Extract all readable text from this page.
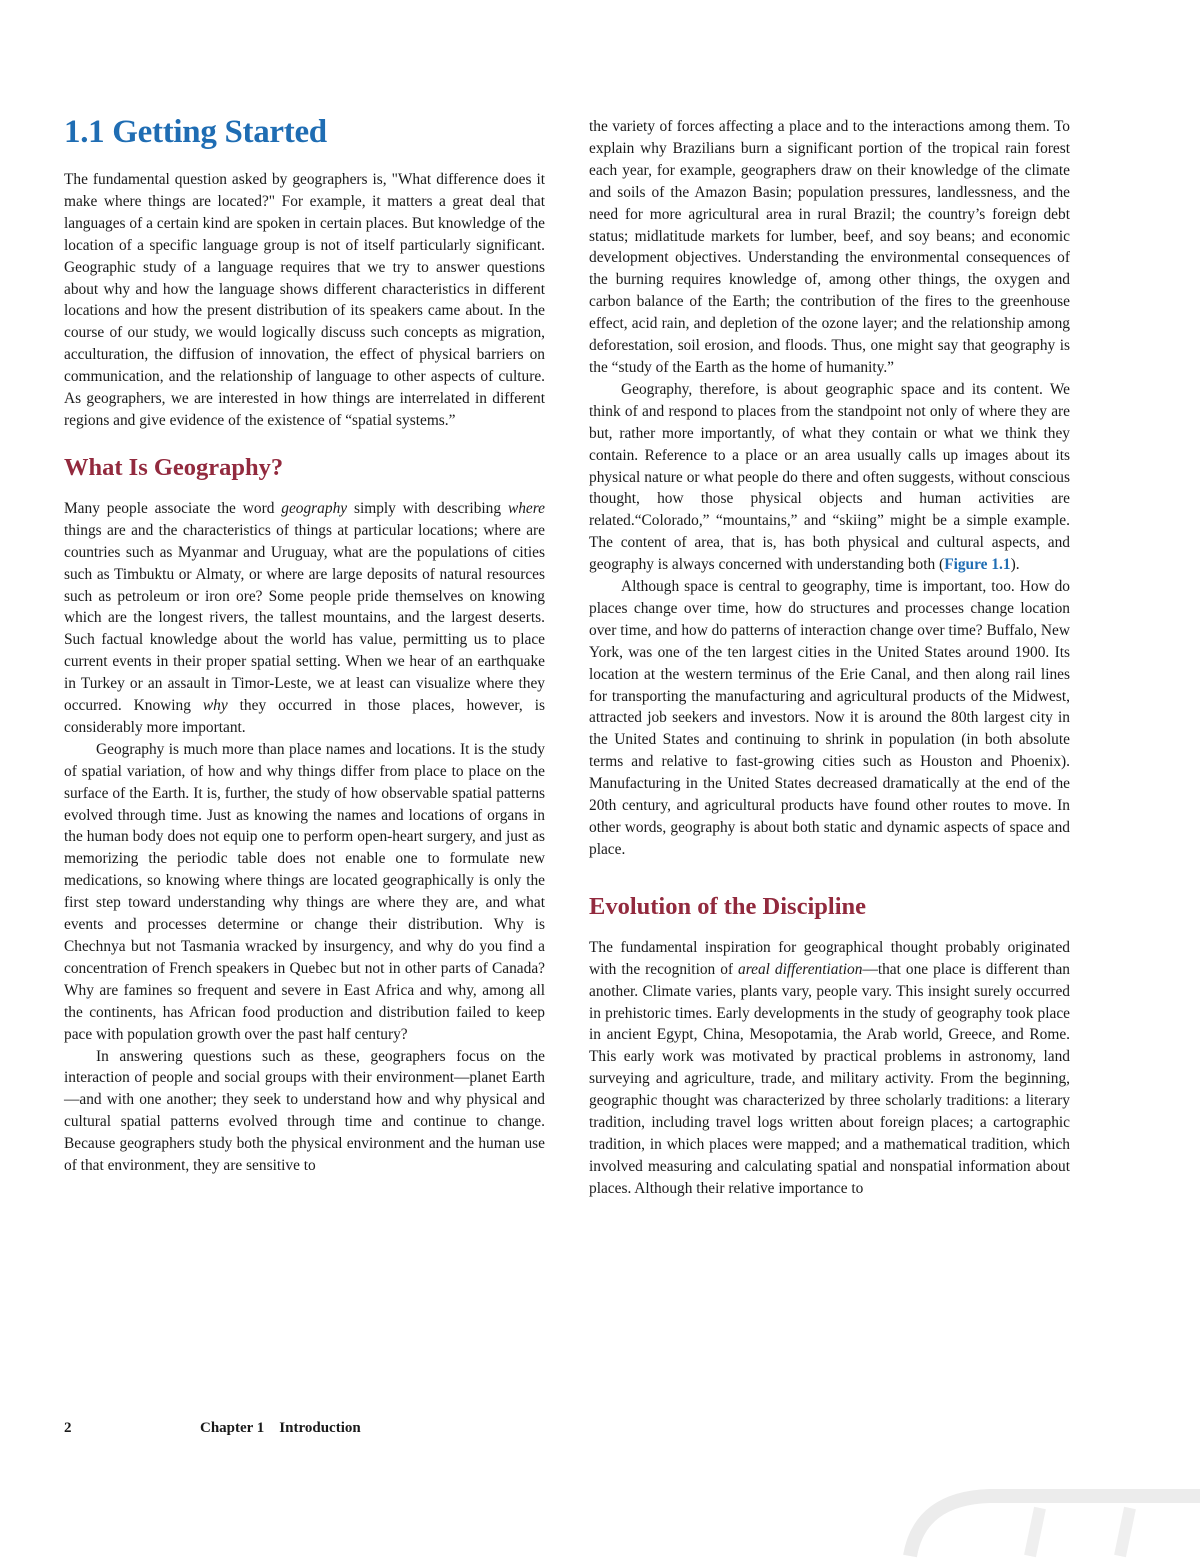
1.1 Getting Started

The fundamental question asked by geographers is, "What difference does it make where things are located?" For example, it matters a great deal that languages of a certain kind are spoken in certain places. But knowledge of the location of a specific language group is not of itself particularly significant. Geographic study of a language requires that we try to answer questions about why and how the language shows different characteristics in different locations and how the present distribution of its speakers came about. In the course of our study, we would logically discuss such concepts as migration, acculturation, the diffusion of innovation, the effect of physical barriers on communication, and the relationship of language to other aspects of culture. As geographers, we are interested in how things are interrelated in different regions and give evidence of the existence of “spatial systems.”

What Is Geography?

Many people associate the word geography simply with describing where things are and the characteristics of things at particular locations; where are countries such as Myanmar and Uruguay, what are the populations of cities such as Timbuktu or Almaty, or where are large deposits of natural resources such as petroleum or iron ore? Some people pride themselves on knowing which are the longest rivers, the tallest mountains, and the largest deserts. Such factual knowledge about the world has value, permitting us to place current events in their proper spatial setting. When we hear of an earthquake in Turkey or an assault in Timor-Leste, we at least can visualize where they occurred. Knowing why they occurred in those places, however, is considerably more important.

Geography is much more than place names and locations. It is the study of spatial variation, of how and why things differ from place to place on the surface of the Earth. It is, further, the study of how observable spatial patterns evolved through time. Just as knowing the names and locations of organs in the human body does not equip one to perform open-heart surgery, and just as memorizing the periodic table does not enable one to formulate new medications, so knowing where things are located geographically is only the first step toward understanding why things are where they are, and what events and processes determine or change their distribution. Why is Chechnya but not Tasmania wracked by insurgency, and why do you find a concentration of French speakers in Quebec but not in other parts of Canada? Why are famines so frequent and severe in East Africa and why, among all the continents, has African food production and distribution failed to keep pace with population growth over the past half century?

In answering questions such as these, geographers focus on the interaction of people and social groups with their environment—planet Earth—and with one another; they seek to understand how and why physical and cultural spatial patterns evolved through time and continue to change. Because geographers study both the physical environment and the human use of that environment, they are sensitive to

the variety of forces affecting a place and to the interactions among them. To explain why Brazilians burn a significant portion of the tropical rain forest each year, for example, geographers draw on their knowledge of the climate and soils of the Amazon Basin; population pressures, landlessness, and the need for more agricultural area in rural Brazil; the country’s foreign debt status; midlatitude markets for lumber, beef, and soy beans; and economic development objectives. Understanding the environmental consequences of the burning requires knowledge of, among other things, the oxygen and carbon balance of the Earth; the contribution of the fires to the greenhouse effect, acid rain, and depletion of the ozone layer; and the relationship among deforestation, soil erosion, and floods. Thus, one might say that geography is the “study of the Earth as the home of humanity.”

Geography, therefore, is about geographic space and its content. We think of and respond to places from the standpoint not only of where they are but, rather more importantly, of what they contain or what we think they contain. Reference to a place or an area usually calls up images about its physical nature or what people do there and often suggests, without conscious thought, how those physical objects and human activities are related.“Colorado,” “mountains,” and “skiing” might be a simple example. The content of area, that is, has both physical and cultural aspects, and geography is always concerned with understanding both (Figure 1.1).

Although space is central to geography, time is important, too. How do places change over time, how do structures and processes change location over time, and how do patterns of interaction change over time? Buffalo, New York, was one of the ten largest cities in the United States around 1900. Its location at the western terminus of the Erie Canal, and then along rail lines for transporting the manufacturing and agricultural products of the Midwest, attracted job seekers and investors. Now it is around the 80th largest city in the United States and continuing to shrink in population (in both absolute terms and relative to fast-growing cities such as Houston and Phoenix). Manufacturing in the United States decreased dramatically at the end of the 20th century, and agricultural products have found other routes to move. In other words, geography is about both static and dynamic aspects of space and place.

Evolution of the Discipline

The fundamental inspiration for geographical thought probably originated with the recognition of areal differentiation—that one place is different than another. Climate varies, plants vary, people vary. This insight surely occurred in prehistoric times. Early developments in the study of geography took place in ancient Egypt, China, Mesopotamia, the Arab world, Greece, and Rome. This early work was motivated by practical problems in astronomy, land surveying and agriculture, trade, and military activity. From the beginning, geographic thought was characterized by three scholarly traditions: a literary tradition, including travel logs written about foreign places; a cartographic tradition, in which places were mapped; and a mathematical tradition, which involved measuring and calculating spatial and nonspatial information about places. Although their relative importance to

2	Chapter 1 Introduction
